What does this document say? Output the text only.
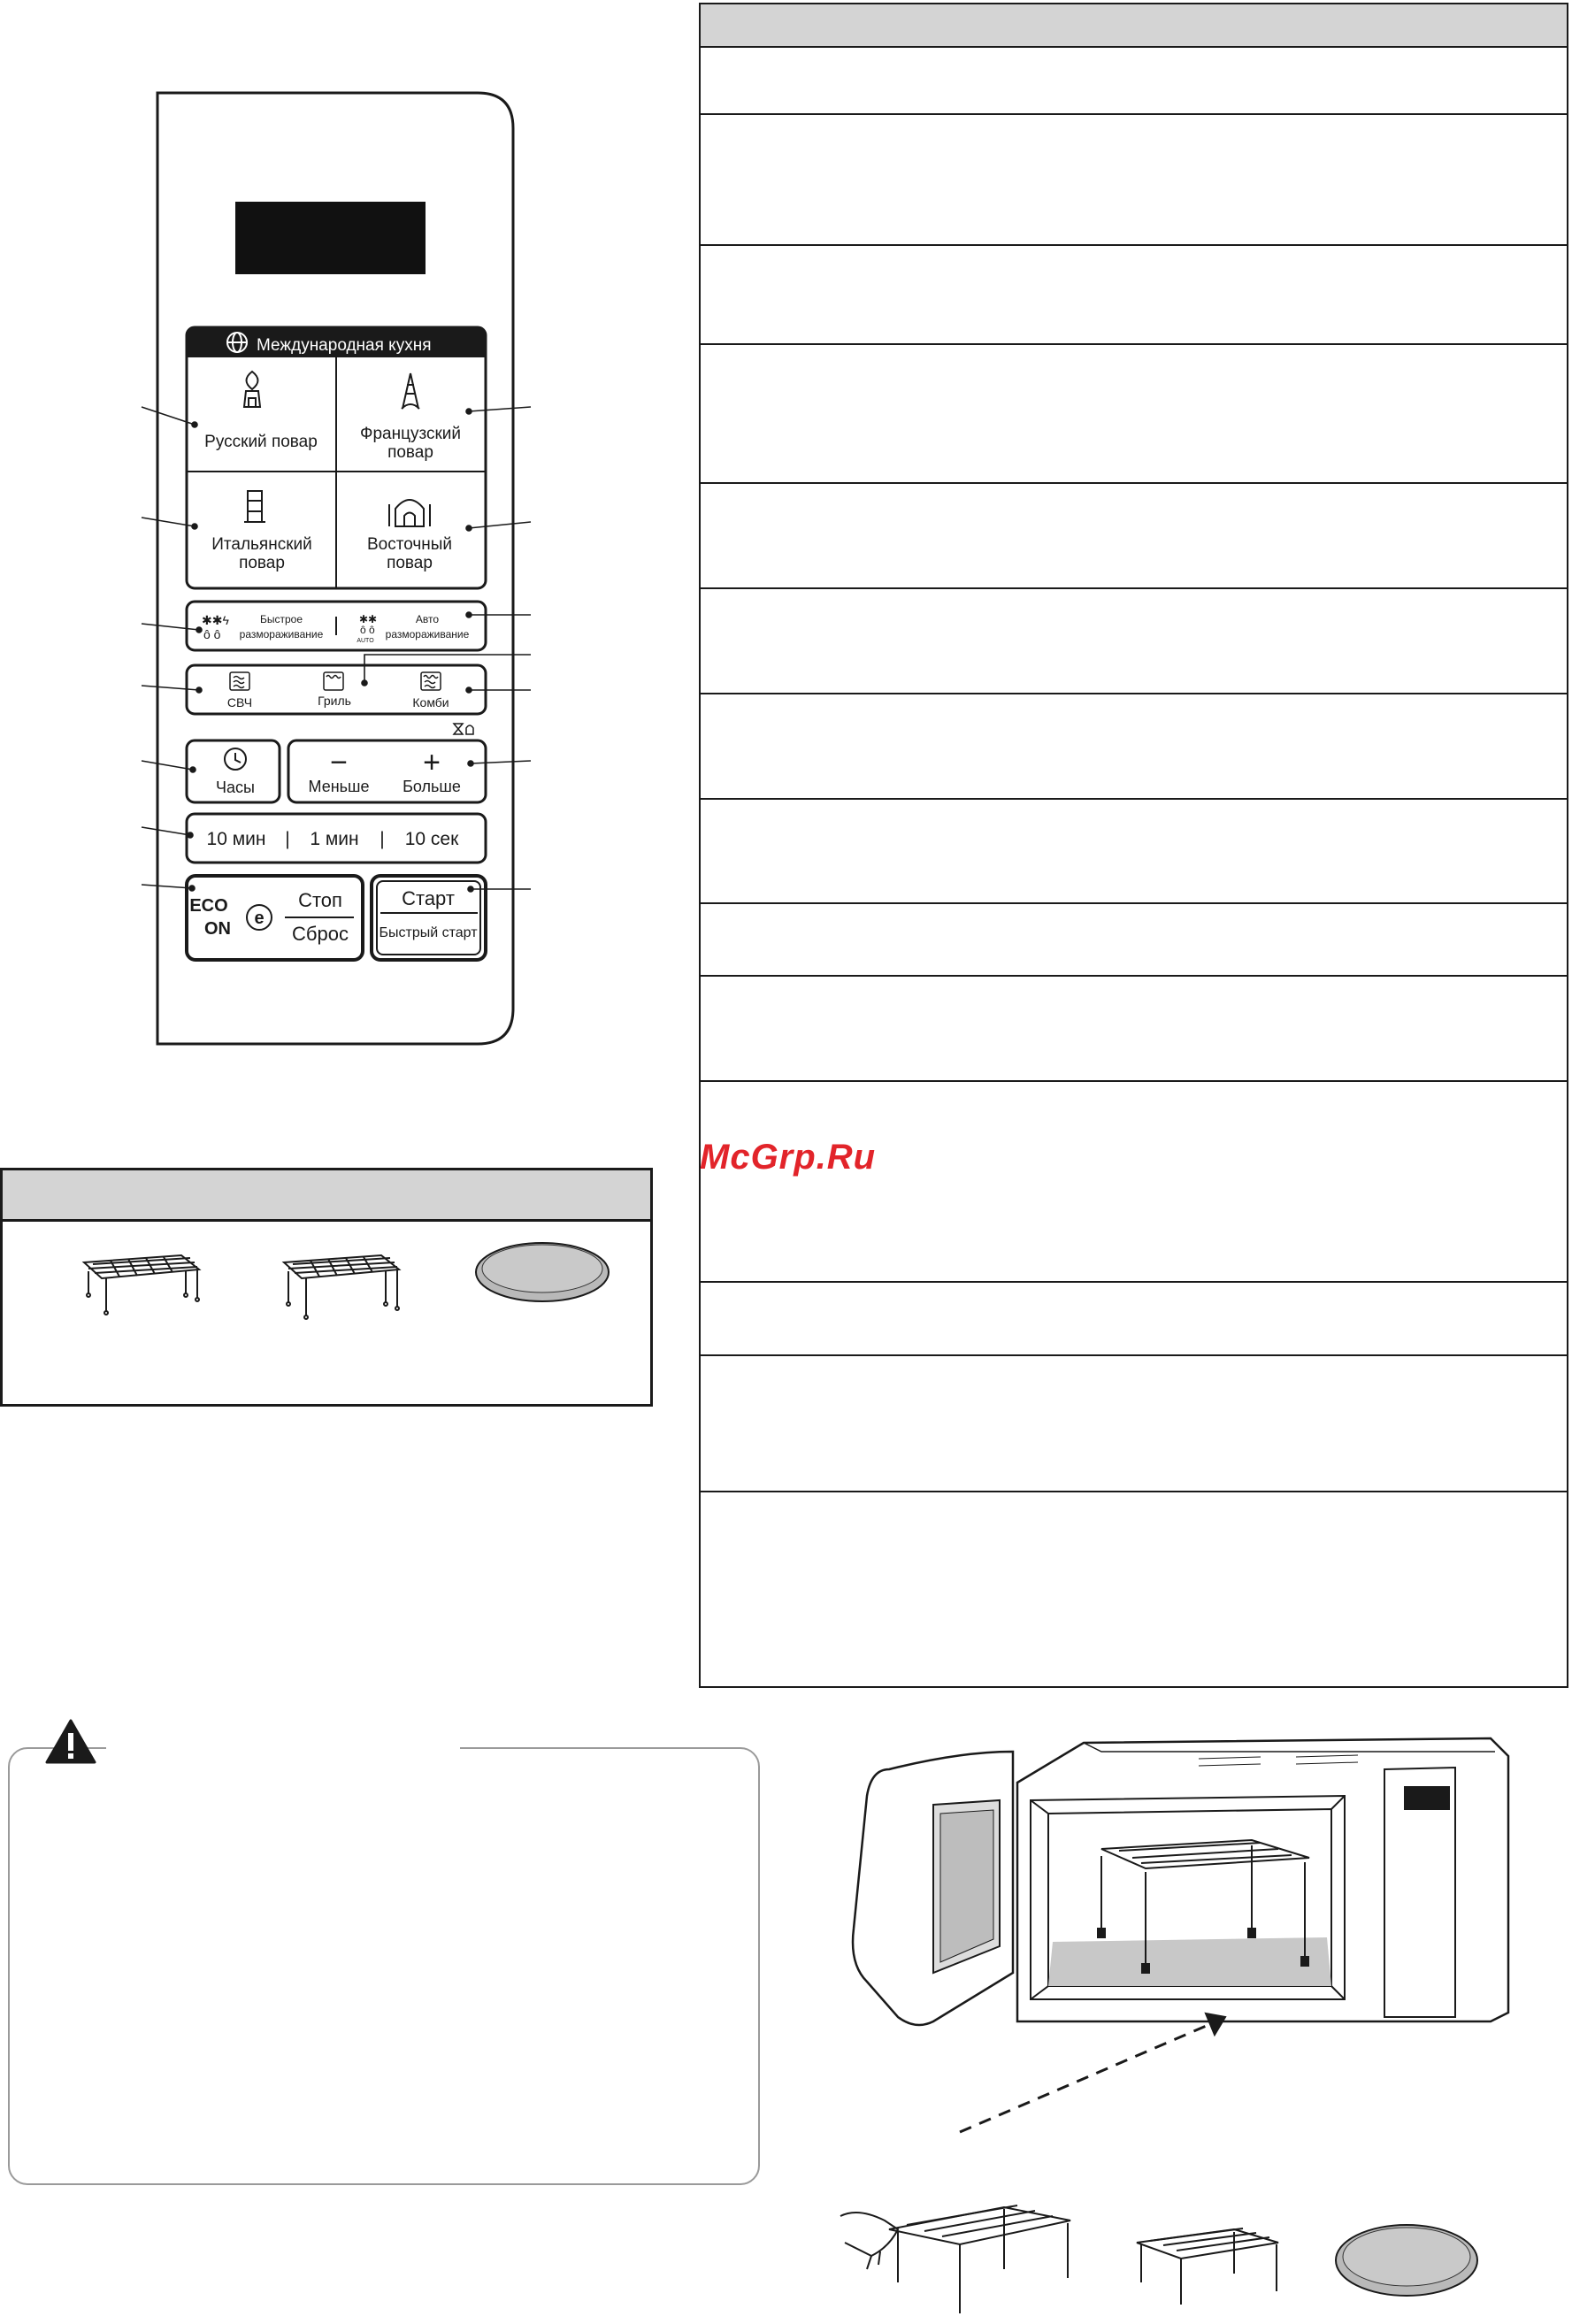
✱✱ϟ
ô ô
✱✱
ô ô
Международная кухня
Русский повар	Французский
повар
Итальянский
повар
Восточный
повар
Быстрое
размораживание
AUTO
Авто
размораживание
СВЧ	Гриль	Комби
Часы
−	+
Меньше Больше
10 мин | 1 мин | 10 сек
ECO
ON
e
Стоп
Сброс
Старт
Быстрый старт
McGrp.Ru
